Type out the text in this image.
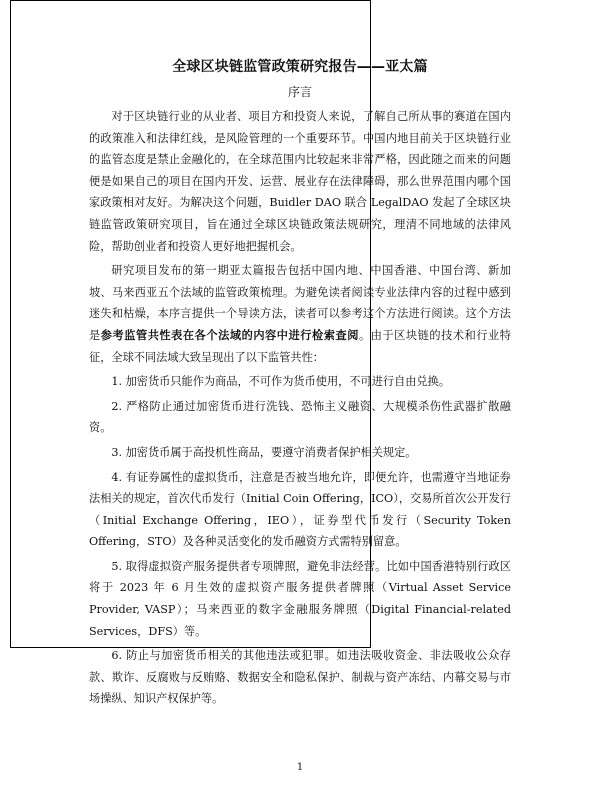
全球区块链监管政策研究报告——亚太篇
序言

对于区块链行业的从业者、项目方和投资人来说，了解自己所从事的赛道在国内的政策准入和法律红线，是风险管理的一个重要环节。中国内地目前关于区块链行业的监管态度是禁止金融化的，在全球范围内比较起来非常严格，因此随之而来的问题便是如果自己的项目在国内开发、运营、展业存在法律障碍，那么世界范围内哪个国家政策相对友好。为解决这个问题，Buidler DAO 联合 LegalDAO 发起了全球区块链监管政策研究项目，旨在通过全球区块链政策法规研究，理清不同地域的法律风险，帮助创业者和投资人更好地把握机会。

研究项目发布的第一期亚太篇报告包括中国内地、中国香港、中国台湾、新加坡、马来西亚五个法域的监管政策梳理。为避免读者阅读专业法律内容的过程中感到迷失和枯燥，本序言提供一个导读方法，读者可以参考这个方法进行阅读。这个方法是参考监管共性表在各个法域的内容中进行检索查阅。由于区块链的技术和行业特征，全球不同法域大致呈现出了以下监管共性：

1. 加密货币只能作为商品，不可作为货币使用，不可进行自由兑换。

2. 严格防止通过加密货币进行洗钱、恐怖主义融资、大规模杀伤性武器扩散融资。

3. 加密货币属于高投机性商品，要遵守消费者保护相关规定。

4. 有证券属性的虚拟货币，注意是否被当地允许，即便允许，也需遵守当地证券法相关的规定，首次代币发行（Initial Coin Offering，ICO），交易所首次公开发行（Initial Exchange Offering，IEO），证券型代币发行（Security Token Offering，STO）及各种灵活变化的发币融资方式需特别留意。

5. 取得虚拟资产服务提供者专项牌照，避免非法经营。比如中国香港特别行政区将于 2023 年 6 月生效的虚拟资产服务提供者牌照（Virtual Asset Service Provider, VASP）；马来西亚的数字金融服务牌照（Digital Financial-related Services，DFS）等。

6. 防止与加密货币相关的其他违法或犯罪。如违法吸收资金、非法吸收公众存款、欺诈、反腐败与反贿赂、数据安全和隐私保护、制裁与资产冻结、内幕交易与市场操纵、知识产权保护等。

1
